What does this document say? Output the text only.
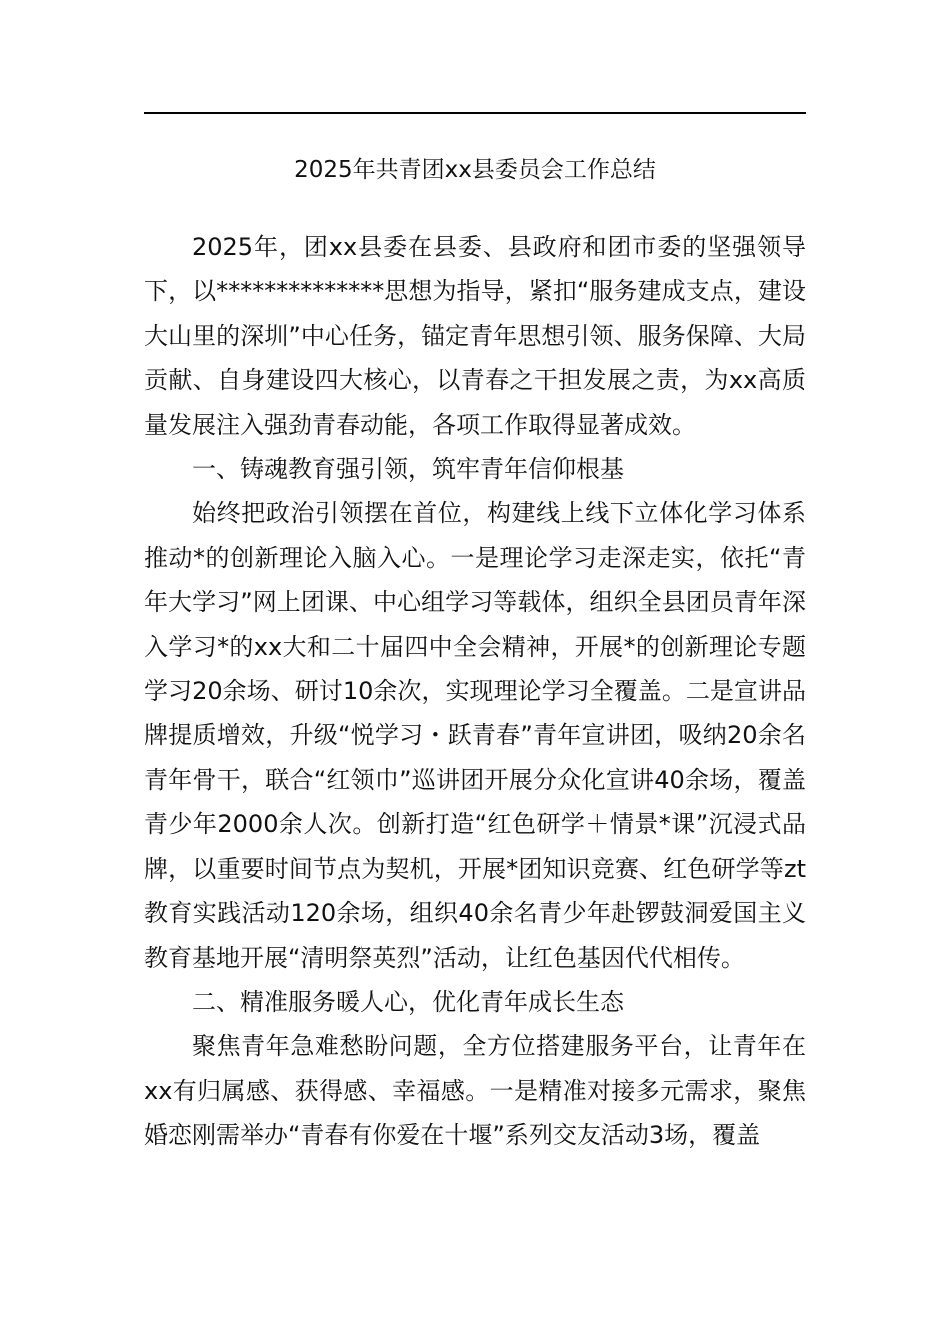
2025年共青团xx县委员会工作总结

2025年，团xx县委在县委、县政府和团市委的坚强领导下，以**************思想为指导，紧扣“服务建成支点，建设大山里的深圳”中心任务，锚定青年思想引领、服务保障、大局贡献、自身建设四大核心，以青春之干担发展之责，为xx高质量发展注入强劲青春动能，各项工作取得显著成效。

一、铸魂教育强引领，筑牢青年信仰根基

始终把政治引领摆在首位，构建线上线下立体化学习体系推动*的创新理论入脑入心。一是理论学习走深走实，依托“青年大学习”网上团课、中心组学习等载体，组织全县团员青年深入学习*的xx大和二十届四中全会精神，开展*的创新理论专题学习20余场、研讨10余次，实现理论学习全覆盖。二是宣讲品牌提质增效，升级“悦学习・跃青春”青年宣讲团，吸纳20余名青年骨干，联合“红领巾”巡讲团开展分众化宣讲40余场，覆盖青少年2000余人次。创新打造“红色研学＋情景*课”沉浸式品牌，以重要时间节点为契机，开展*团知识竞赛、红色研学等zt教育实践活动120余场，组织40余名青少年赴锣鼓洞爱国主义教育基地开展“清明祭英烈”活动，让红色基因代代相传。

二、精准服务暖人心，优化青年成长生态

聚焦青年急难愁盼问题，全方位搭建服务平台，让青年在xx有归属感、获得感、幸福感。一是精准对接多元需求，聚焦婚恋刚需举办“青春有你爱在十堰”系列交友活动3场，覆盖
